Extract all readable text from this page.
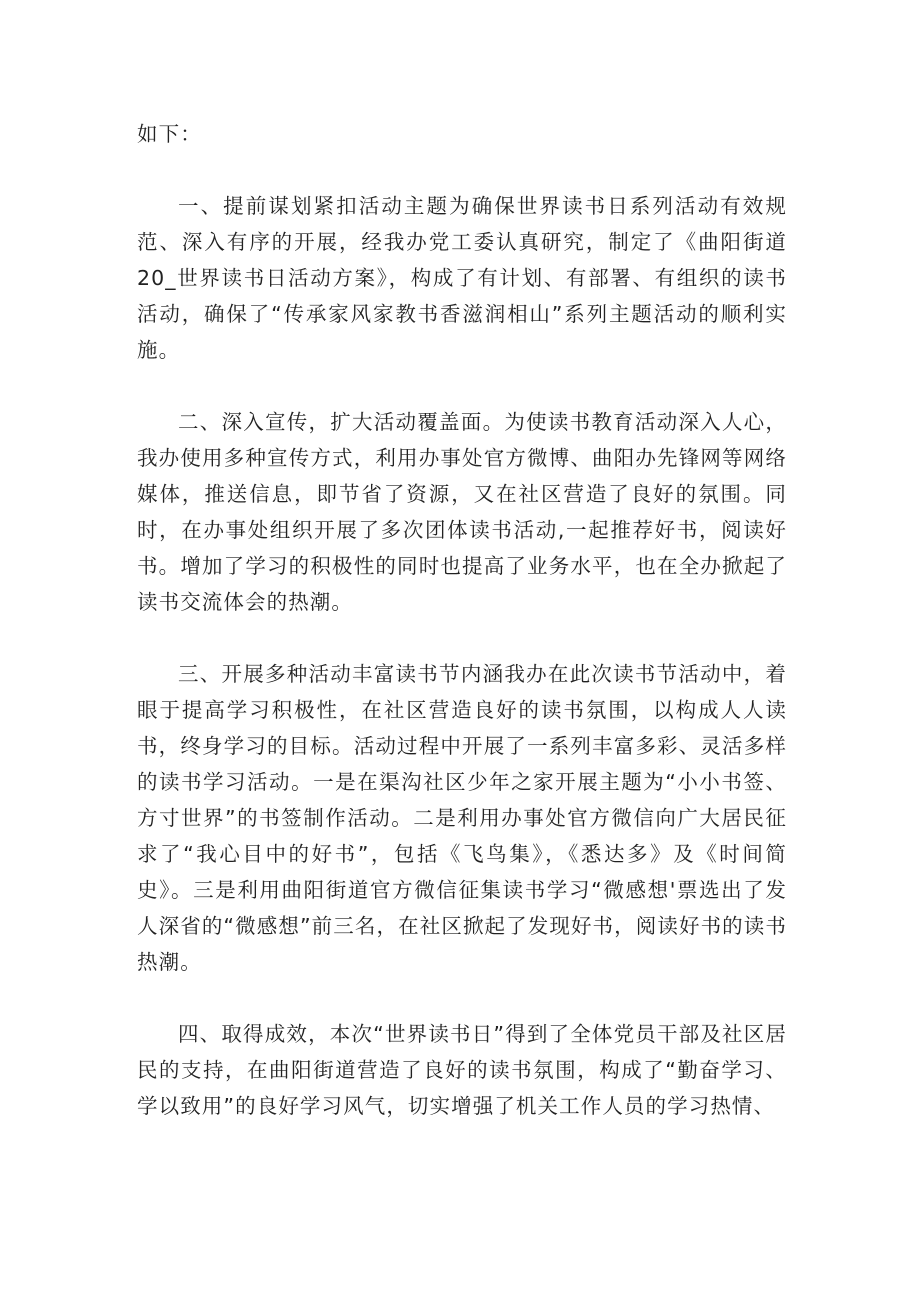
如下：

一、提前谋划紧扣活动主题为确保世界读书日系列活动有效规范、深入有序的开展，经我办党工委认真研究，制定了《曲阳街道20_世界读书日活动方案》，构成了有计划、有部署、有组织的读书活动，确保了“传承家风家教书香滋润相山”系列主题活动的顺利实施。

二、深入宣传，扩大活动覆盖面。为使读书教育活动深入人心，我办使用多种宣传方式，利用办事处官方微博、曲阳办先锋网等网络媒体，推送信息，即节省了资源，又在社区营造了良好的氛围。同时，在办事处组织开展了多次团体读书活动,一起推荐好书，阅读好书。增加了学习的积极性的同时也提高了业务水平，也在全办掀起了读书交流体会的热潮。

三、开展多种活动丰富读书节内涵我办在此次读书节活动中，着眼于提高学习积极性，在社区营造良好的读书氛围，以构成人人读书，终身学习的目标。活动过程中开展了一系列丰富多彩、灵活多样的读书学习活动。一是在渠沟社区少年之家开展主题为“小小书签、方寸世界”的书签制作活动。二是利用办事处官方微信向广大居民征求了“我心目中的好书”，包括《飞鸟集》，《悉达多》及《时间简史》。三是利用曲阳街道官方微信征集读书学习“微感想'票选出了发人深省的“微感想”前三名，在社区掀起了发现好书，阅读好书的读书热潮。

四、取得成效，本次“世界读书日”得到了全体党员干部及社区居民的支持，在曲阳街道营造了良好的读书氛围，构成了“勤奋学习、学以致用”的良好学习风气，切实增强了机关工作人员的学习热情、
